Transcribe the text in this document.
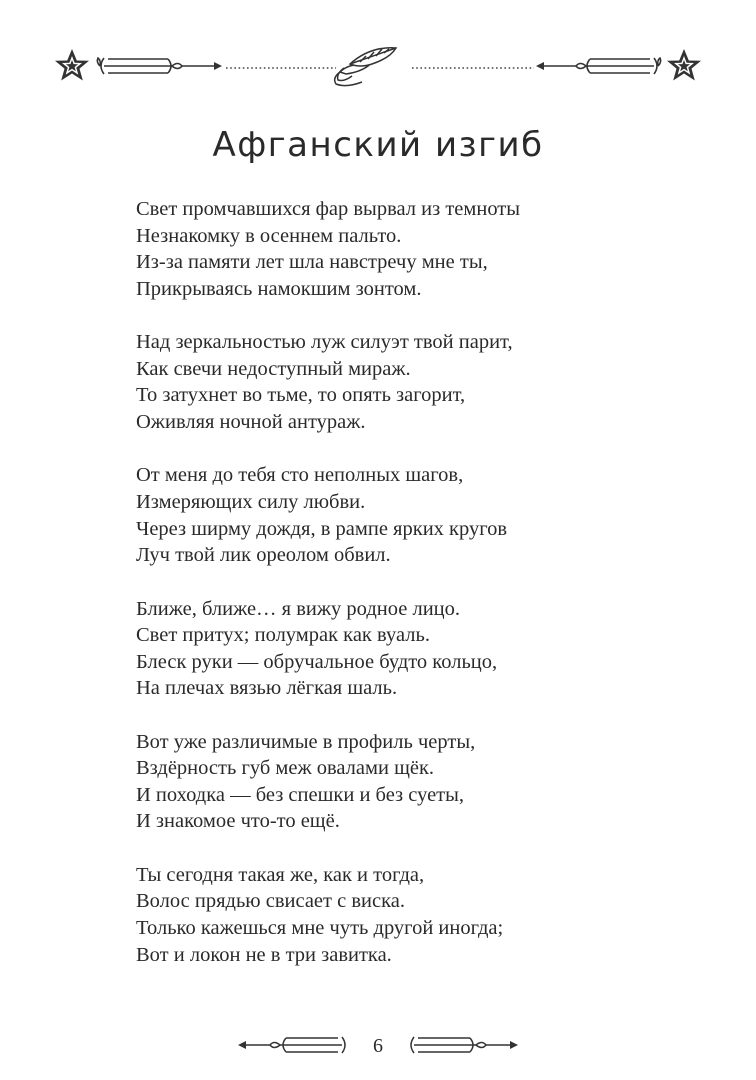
Афганский изгиб
Свет промчавшихся фар вырвал из темноты
Незнакомку в осеннем пальто.
Из-за памяти лет шла навстречу мне ты,
Прикрываясь намокшим зонтом.
Над зеркальностью луж силуэт твой парит,
Как свечи недоступный мираж.
То затухнет во тьме, то опять загорит,
Оживляя ночной антураж.
От меня до тебя сто неполных шагов,
Измеряющих силу любви.
Через ширму дождя, в рампе ярких кругов
Луч твой лик ореолом обвил.
Ближе, ближе… я вижу родное лицо.
Свет притух; полумрак как вуаль.
Блеск руки — обручальное будто кольцо,
На плечах вязью лёгкая шаль.
Вот уже различимые в профиль черты,
Вздёрность губ меж овалами щёк.
И походка — без спешки и без суеты,
И знакомое что-то ещё.
Ты сегодня такая же, как и тогда,
Волос прядью свисает с виска.
Только кажешься мне чуть другой иногда;
Вот и локон не в три завитка.
6
